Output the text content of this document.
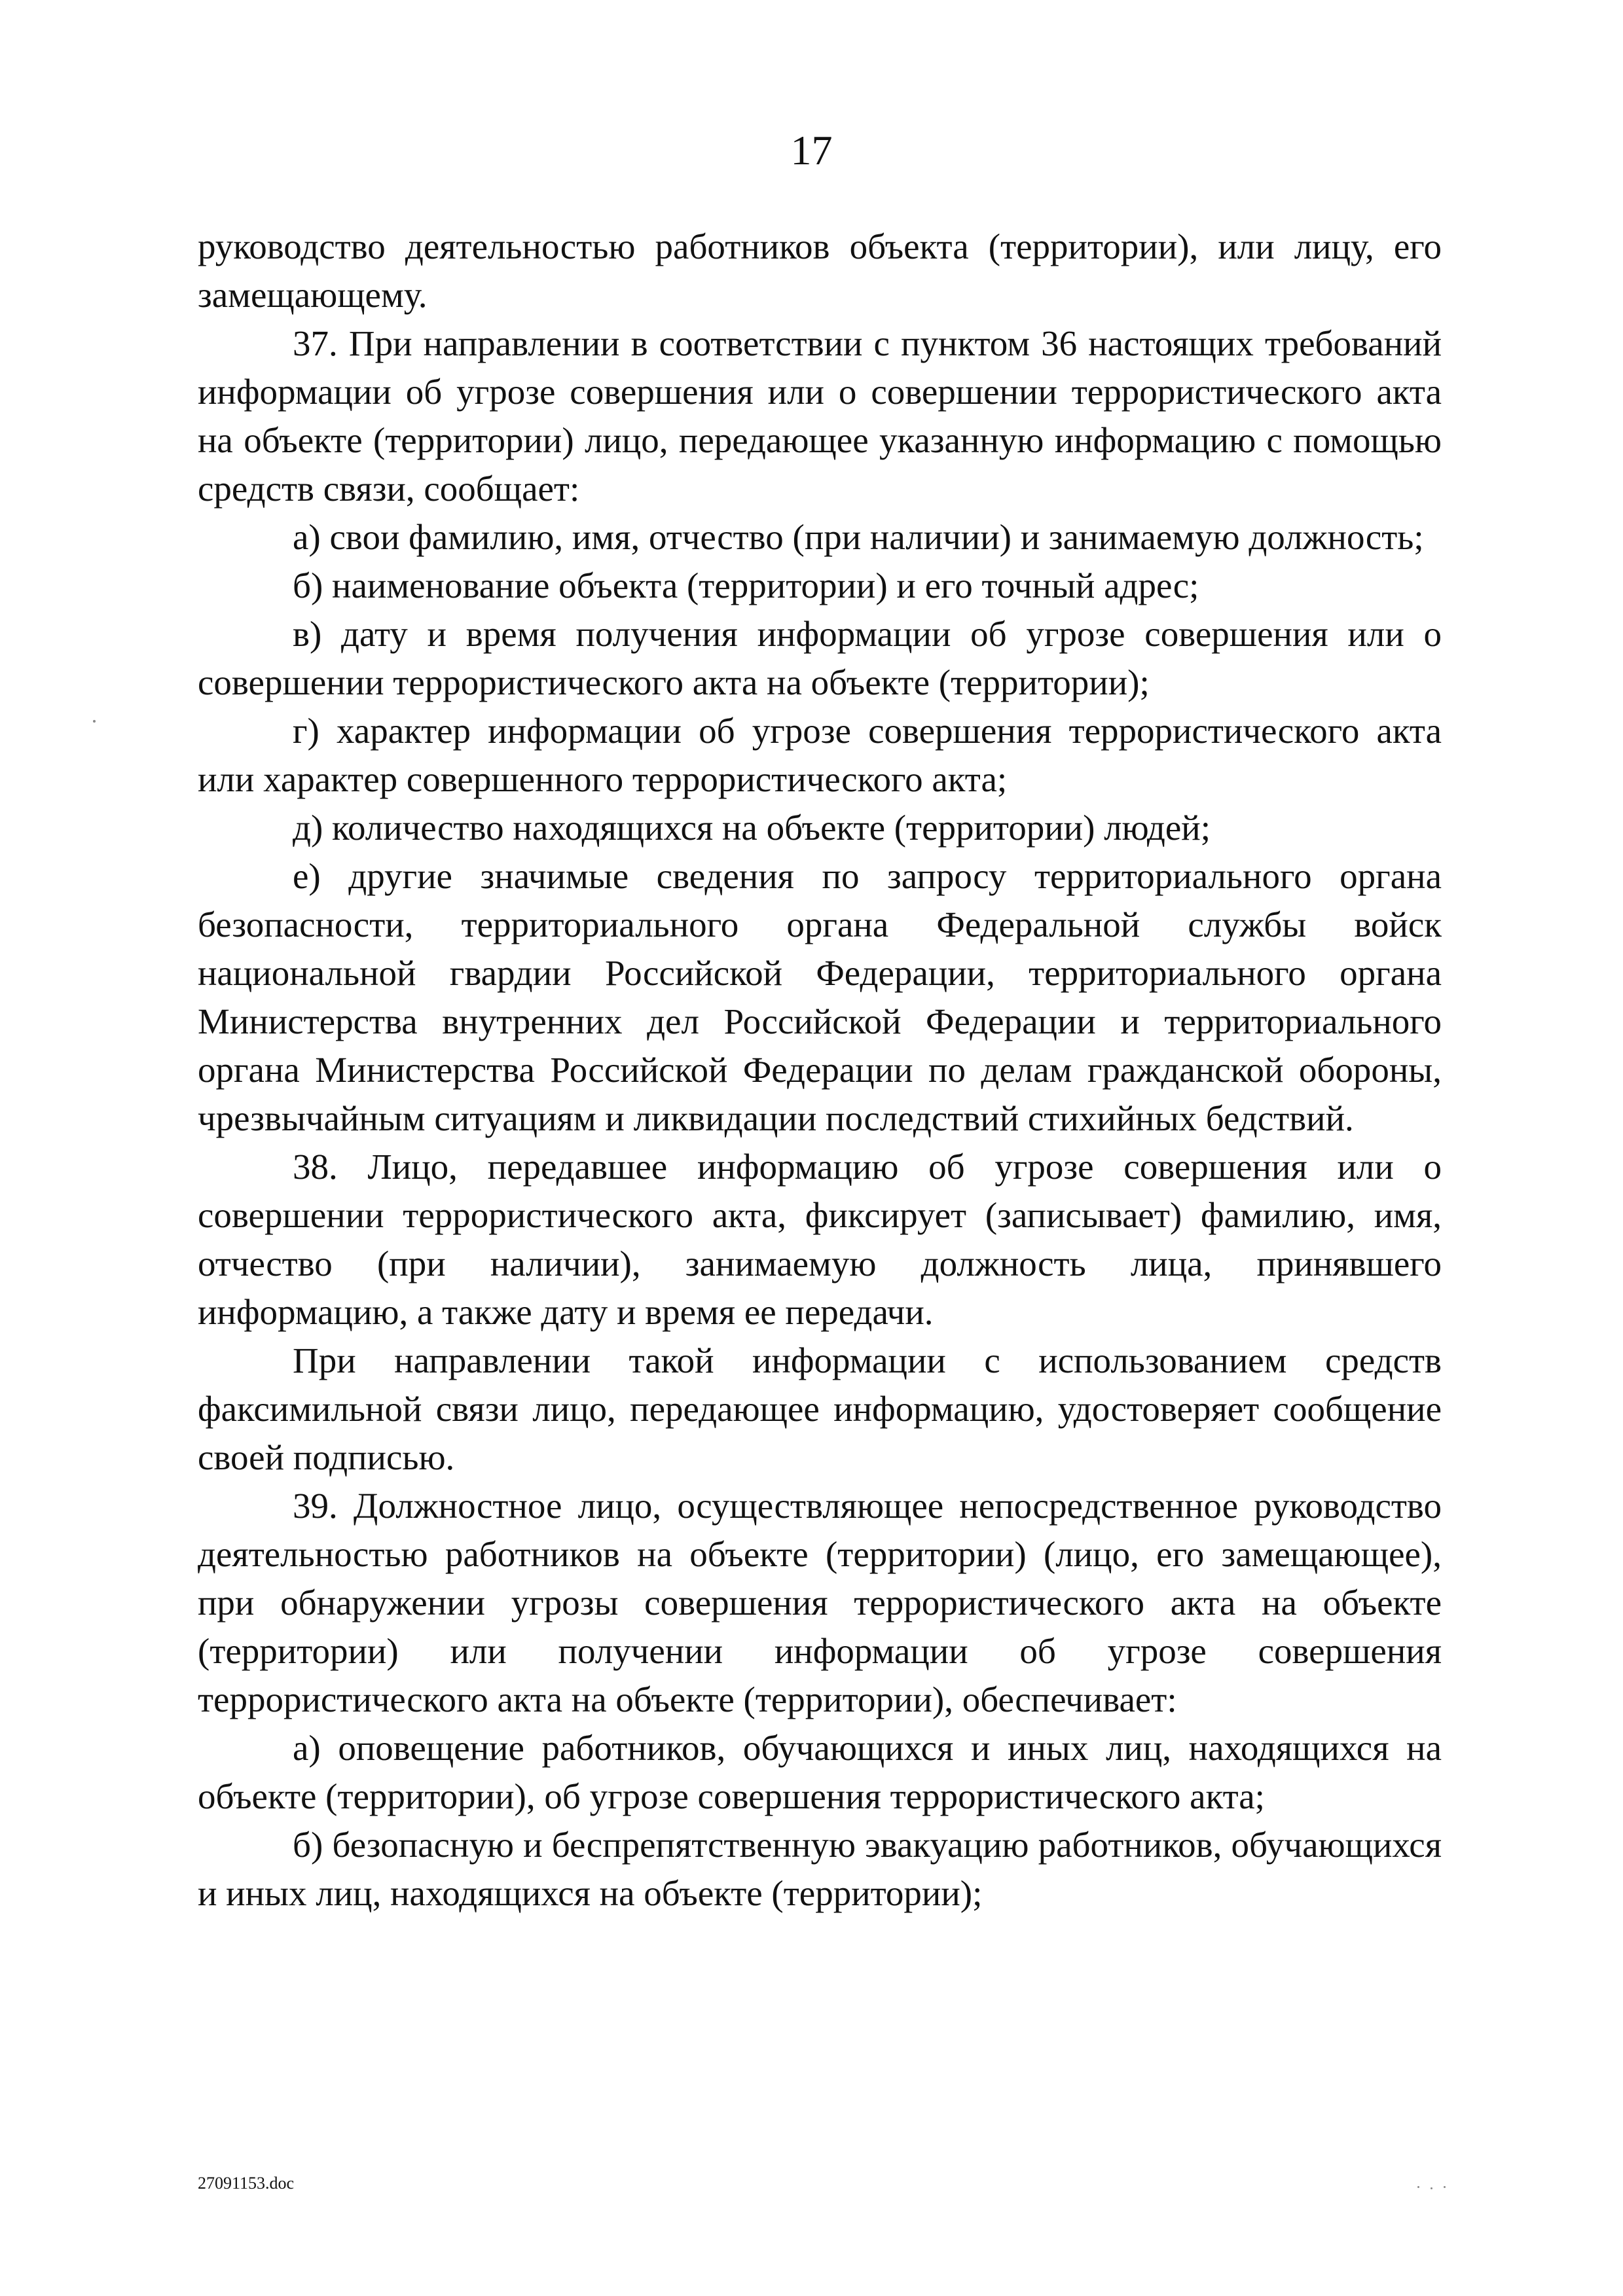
17

руководство деятельностью работников объекта (территории), или лицу, его замещающему.

37. При направлении в соответствии с пунктом 36 настоящих требований информации об угрозе совершения или о совершении террористического акта на объекте (территории) лицо, передающее указанную информацию с помощью средств связи, сообщает:

а) свои фамилию, имя, отчество (при наличии) и занимаемую должность;

б) наименование объекта (территории) и его точный адрес;

в) дату и время получения информации об угрозе совершения или о совершении террористического акта на объекте (территории);

г) характер информации об угрозе совершения террористического акта или характер совершенного террористического акта;

д) количество находящихся на объекте (территории) людей;

е) другие значимые сведения по запросу территориального органа безопасности, территориального органа Федеральной службы войск национальной гвардии Российской Федерации, территориального органа Министерства внутренних дел Российской Федерации и территориального органа Министерства Российской Федерации по делам гражданской обороны, чрезвычайным ситуациям и ликвидации последствий стихийных бедствий.

38. Лицо, передавшее информацию об угрозе совершения или о совершении террористического акта, фиксирует (записывает) фамилию, имя, отчество (при наличии), занимаемую должность лица, принявшего информацию, а также дату и время ее передачи.

При направлении такой информации с использованием средств факсимильной связи лицо, передающее информацию, удостоверяет сообщение своей подписью.

39. Должностное лицо, осуществляющее непосредственное руководство деятельностью работников на объекте (территории) (лицо, его замещающее), при обнаружении угрозы совершения террористического акта на объекте (территории) или получении информации об угрозе совершения террористического акта на объекте (территории), обеспечивает:

а) оповещение работников, обучающихся и иных лиц, находящихся на объекте (территории), об угрозе совершения террористического акта;

б) безопасную и беспрепятственную эвакуацию работников, обучающихся и иных лиц, находящихся на объекте (территории);

27091153.doc
